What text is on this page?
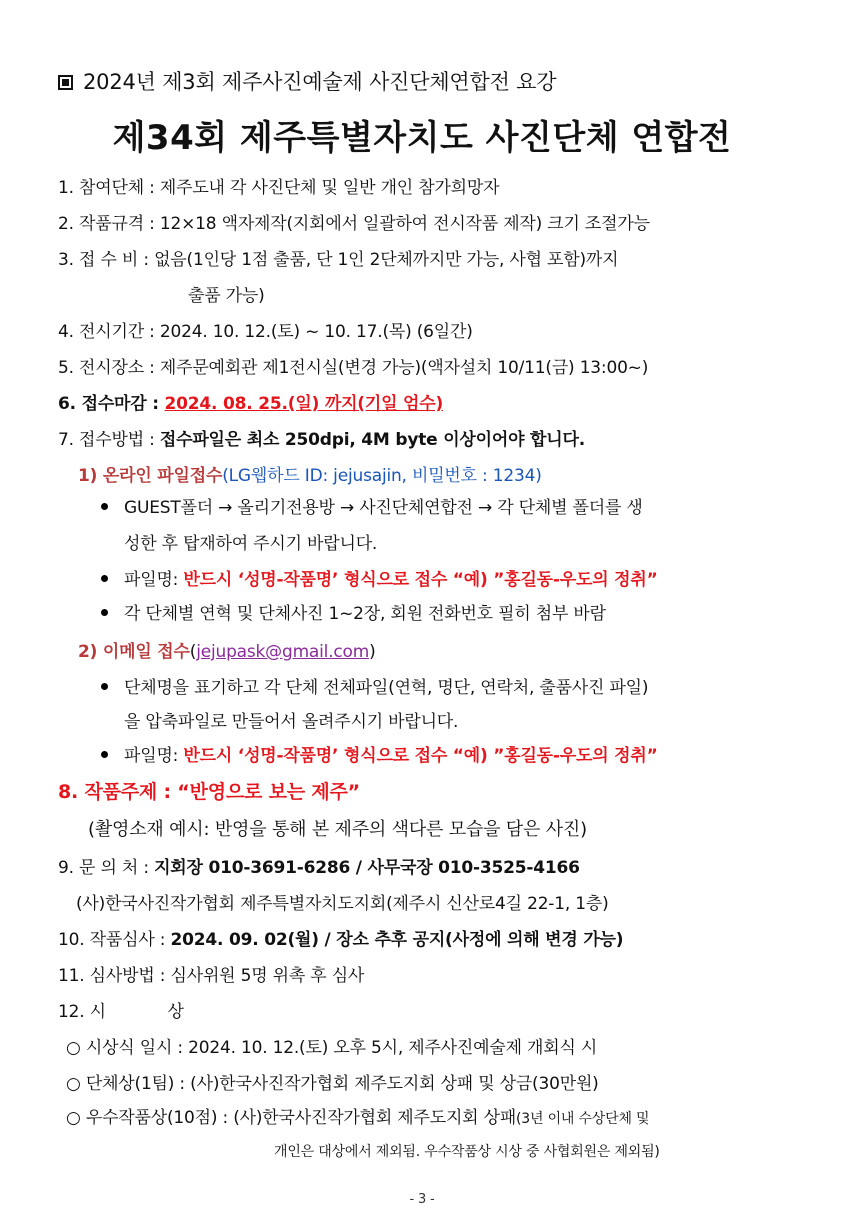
2024년 제3회 제주사진예술제 사진단체연합전 요강
제34회 제주특별자치도 사진단체 연합전
1. 참여단체 : 제주도내 각 사진단체 및 일반 개인 참가희망자
2. 작품규격 : 12×18 액자제작(지회에서 일괄하여 전시작품 제작) 크기 조절가능
3. 접 수 비 : 없음(1인당 1점 출품, 단 1인 2단체까지만 가능, 사협 포함)까지
출품 가능)
4. 전시기간 : 2024. 10. 12.(토) ~ 10. 17.(목) (6일간)
5. 전시장소 : 제주문예회관 제1전시실(변경 가능)(액자설치 10/11(금) 13:00~)
6. 접수마감 : 2024. 08. 25.(일) 까지(기일 엄수)
7. 접수방법 : 접수파일은 최소 250dpi, 4M byte 이상이어야 합니다.
1) 온라인 파일접수(LG웹하드 ID: jejusajin, 비밀번호 : 1234)
GUEST폴더 → 올리기전용방 → 사진단체연합전 → 각 단체별 폴더를 생
성한 후 탑재하여 주시기 바랍니다.
파일명: 반드시 ‘성명-작품명’ 형식으로 접수 “예) ”홍길동-우도의 정취”
각 단체별 연혁 및 단체사진 1~2장, 회원 전화번호 필히 첨부 바람
2) 이메일 접수(jejupask@gmail.com)
단체명을 표기하고 각 단체 전체파일(연혁, 명단, 연락처, 출품사진 파일)
을 압축파일로 만들어서 올려주시기 바랍니다.
파일명: 반드시 ‘성명-작품명’ 형식으로 접수 “예) ”홍길동-우도의 정취”
8. 작품주제 : “반영으로 보는 제주”
(촬영소재 예시: 반영을 통해 본 제주의 색다른 모습을 담은 사진)
9. 문 의 처 : 지회장 010-3691-6286 / 사무국장 010-3525-4166
(사)한국사진작가협회 제주특별자치도지회(제주시 신산로4길 22-1, 1층)
10. 작품심사 : 2024. 09. 02(월) / 장소 추후 공지(사정에 의해 변경 가능)
11. 심사방법 : 심사위원 5명 위촉 후 심사
12. 시 상
○ 시상식 일시 : 2024. 10. 12.(토) 오후 5시, 제주사진예술제 개회식 시
○ 단체상(1팀) : (사)한국사진작가협회 제주도지회 상패 및 상금(30만원)
○ 우수작품상(10점) : (사)한국사진작가협회 제주도지회 상패(3년 이내 수상단체 및
개인은 대상에서 제외됨. 우수작품상 시상 중 사협회원은 제외됨)
- 3 -
